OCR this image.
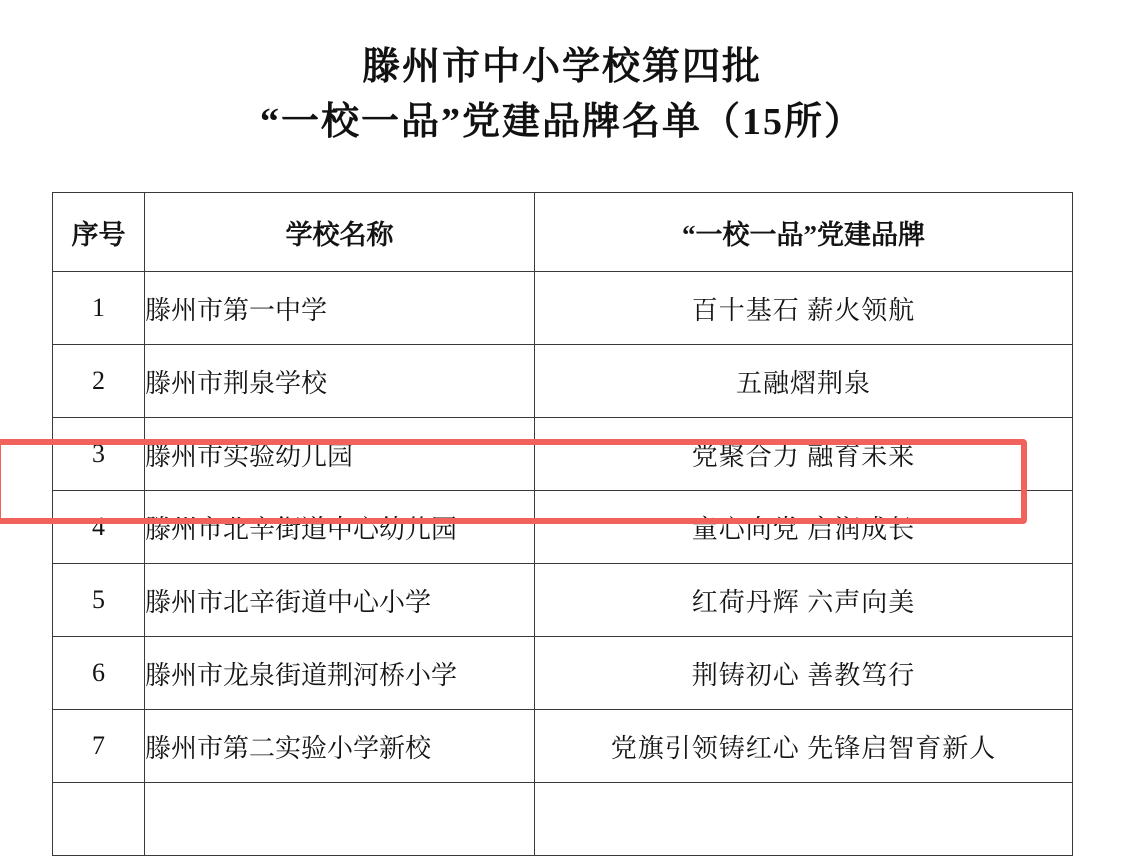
滕州市中小学校第四批
“一校一品”党建品牌名单（15所）
序号	学校名称	“一校一品”党建品牌
1	滕州市第一中学	百十基石 薪火领航
2	滕州市荆泉学校	五融熠荆泉
3	滕州市实验幼儿园	党聚合力 融育未来
4	滕州市北辛街道中心幼儿园	童心向党 启润成长
5	滕州市北辛街道中心小学	红荷丹辉 六声向美
6	滕州市龙泉街道荆河桥小学	荆铸初心 善教笃行
7	滕州市第二实验小学新校	党旗引领铸红心 先锋启智育新人
